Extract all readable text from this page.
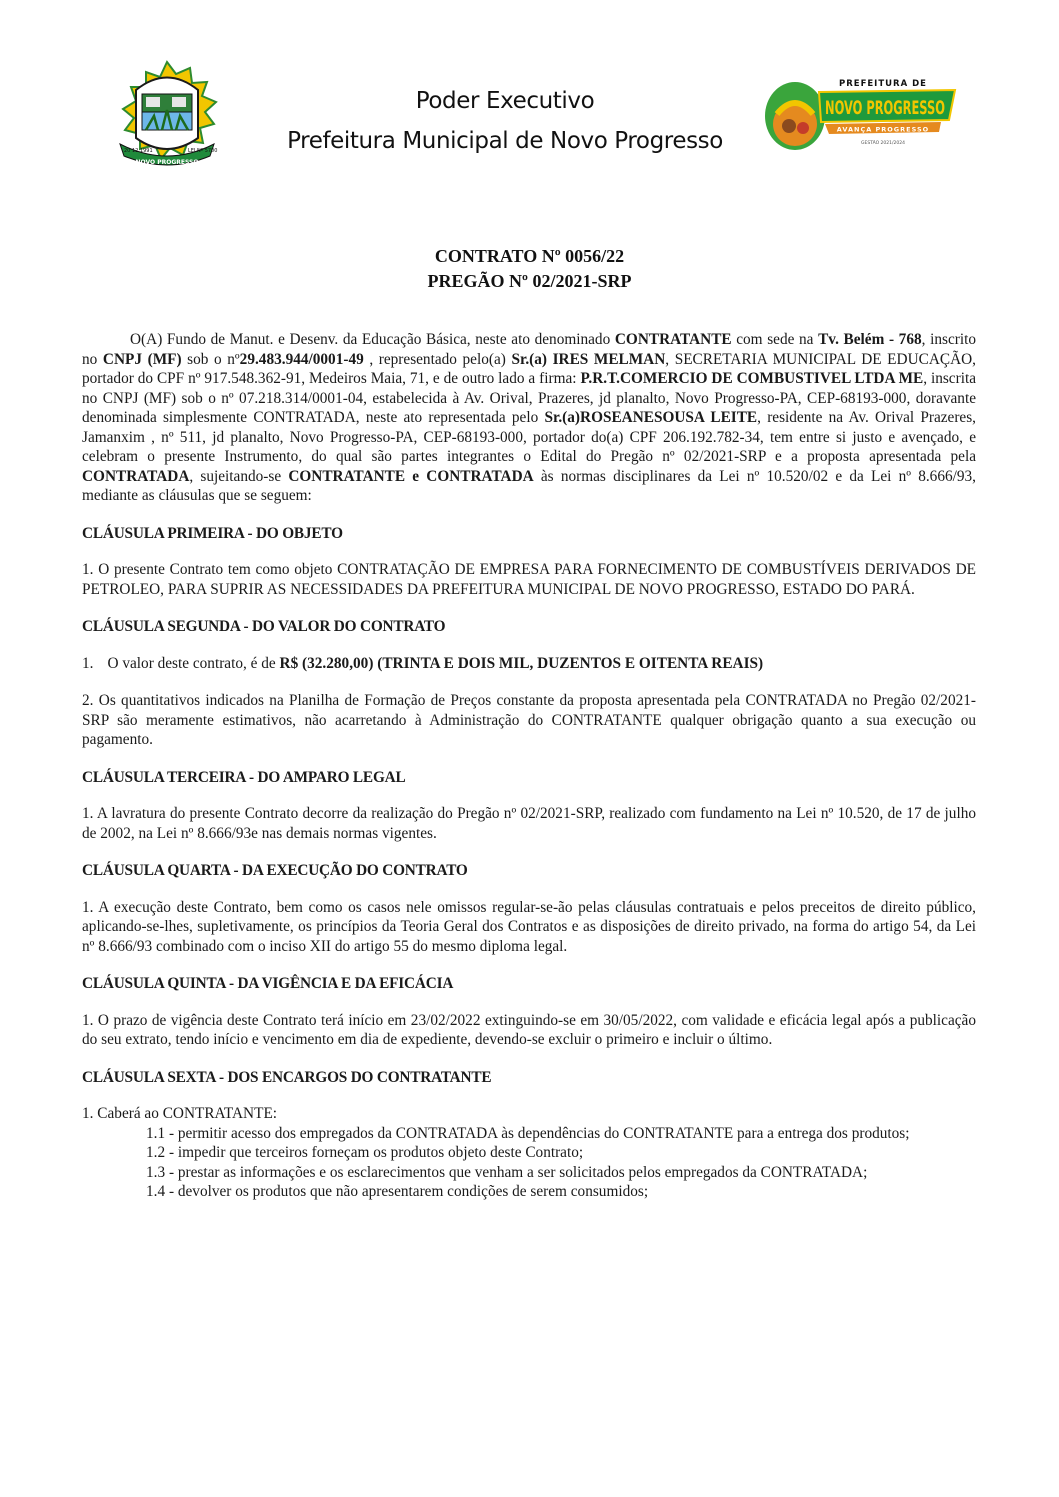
20 12 1991	LEI Nº 5700
NOVO PROGRESSO
Poder Executivo
Prefeitura Municipal de Novo Progresso
PREFEITURA DE
NOVO PROGRESSO
AVANÇA PROGRESSO
GESTÃO 2021/2024
CONTRATO Nº 0056/22
PREGÃO Nº 02/2021-SRP

O(A) Fundo de Manut. e Desenv. da Educação Básica, neste ato denominado CONTRATANTE com sede na Tv. Belém - 768, inscrito no CNPJ (MF) sob o nº29.483.944/0001-49 , representado pelo(a) Sr.(a) IRES MELMAN, SECRETARIA MUNICIPAL DE EDUCAÇÃO, portador do CPF nº 917.548.362-91, Medeiros Maia, 71, e de outro lado a firma: P.R.T.COMERCIO DE COMBUSTIVEL LTDA ME, inscrita no CNPJ (MF) sob o nº 07.218.314/0001-04, estabelecida à Av. Orival, Prazeres, jd planalto, Novo Progresso-PA, CEP-68193-000, doravante denominada simplesmente CONTRATADA, neste ato representada pelo Sr.(a)ROSEANESOUSA LEITE, residente na Av. Orival Prazeres, Jamanxim , nº 511, jd planalto, Novo Progresso-PA, CEP-68193-000, portador do(a) CPF 206.192.782-34, tem entre si justo e avençado, e celebram o presente Instrumento, do qual são partes integrantes o Edital do Pregão nº 02/2021-SRP e a proposta apresentada pela CONTRATADA, sujeitando-se CONTRATANTE e CONTRATADA às normas disciplinares da Lei nº 10.520/02 e da Lei nº 8.666/93, mediante as cláusulas que se seguem:

CLÁUSULA PRIMEIRA - DO OBJETO

1. O presente Contrato tem como objeto CONTRATAÇÃO DE EMPRESA PARA FORNECIMENTO DE COMBUSTÍVEIS DERIVADOS DE PETROLEO, PARA SUPRIR AS NECESSIDADES DA PREFEITURA MUNICIPAL DE NOVO PROGRESSO, ESTADO DO PARÁ.

CLÁUSULA SEGUNDA - DO VALOR DO CONTRATO

1. O valor deste contrato, é de R$ (32.280,00) (TRINTA E DOIS MIL, DUZENTOS E OITENTA REAIS)

2. Os quantitativos indicados na Planilha de Formação de Preços constante da proposta apresentada pela CONTRATADA no Pregão 02/2021-SRP são meramente estimativos, não acarretando à Administração do CONTRATANTE qualquer obrigação quanto a sua execução ou pagamento.

CLÁUSULA TERCEIRA - DO AMPARO LEGAL

1. A lavratura do presente Contrato decorre da realização do Pregão nº 02/2021-SRP, realizado com fundamento na Lei nº 10.520, de 17 de julho de 2002, na Lei nº 8.666/93e nas demais normas vigentes.

CLÁUSULA QUARTA - DA EXECUÇÃO DO CONTRATO

1. A execução deste Contrato, bem como os casos nele omissos regular-se-ão pelas cláusulas contratuais e pelos preceitos de direito público, aplicando-se-lhes, supletivamente, os princípios da Teoria Geral dos Contratos e as disposições de direito privado, na forma do artigo 54, da Lei nº 8.666/93 combinado com o inciso XII do artigo 55 do mesmo diploma legal.

CLÁUSULA QUINTA - DA VIGÊNCIA E DA EFICÁCIA

1. O prazo de vigência deste Contrato terá início em 23/02/2022 extinguindo-se em 30/05/2022, com validade e eficácia legal após a publicação do seu extrato, tendo início e vencimento em dia de expediente, devendo-se excluir o primeiro e incluir o último.

CLÁUSULA SEXTA - DOS ENCARGOS DO CONTRATANTE

1. Caberá ao CONTRATANTE:

1.1 - permitir acesso dos empregados da CONTRATADA às dependências do CONTRATANTE para a entrega dos produtos;

1.2 - impedir que terceiros forneçam os produtos objeto deste Contrato;

1.3 - prestar as informações e os esclarecimentos que venham a ser solicitados pelos empregados da CONTRATADA;

1.4 - devolver os produtos que não apresentarem condições de serem consumidos;
